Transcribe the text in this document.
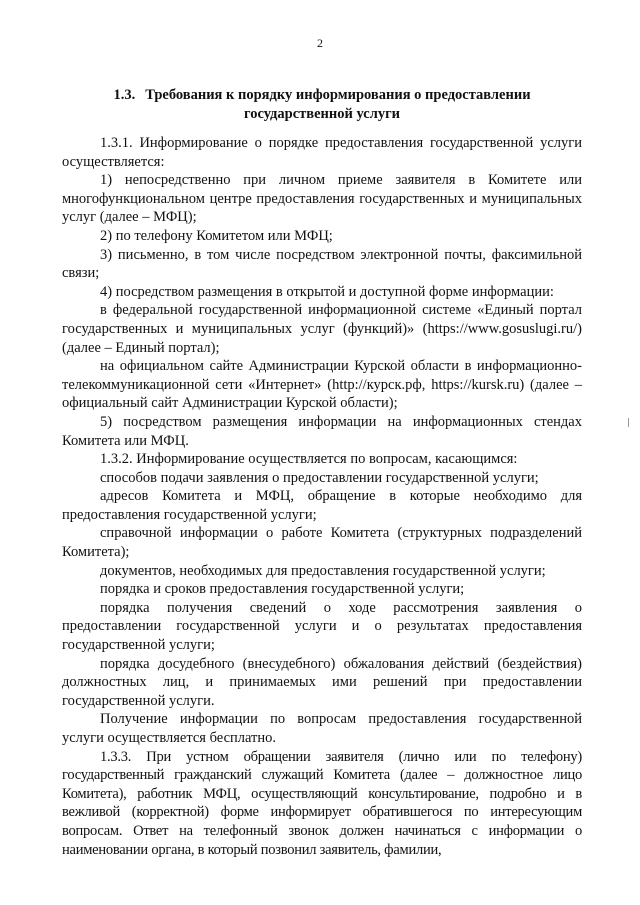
2
1.3. Требования к порядку информирования о предоставлении государственной услуги

1.3.1. Информирование о порядке предоставления государственной услуги осуществляется:

1) непосредственно при личном приеме заявителя в Комитете или многофункциональном центре предоставления государственных и муниципальных услуг (далее – МФЦ);

2) по телефону Комитетом или МФЦ;

3) письменно, в том числе посредством электронной почты, факсимильной связи;

4) посредством размещения в открытой и доступной форме информации:

в федеральной государственной информационной системе «Единый портал государственных и муниципальных услуг (функций)» (https://www.gosuslugi.ru/) (далее – Единый портал);

на официальном сайте Администрации Курской области в информационно-телекоммуникационной сети «Интернет» (http://курск.рф, https://kursk.ru) (далее – официальный сайт Администрации Курской области);

5) посредством размещения информации на информационных стендах Комитета или МФЦ.

1.3.2. Информирование осуществляется по вопросам, касающимся:

способов подачи заявления о предоставлении государственной услуги;

адресов Комитета и МФЦ, обращение в которые необходимо для предоставления государственной услуги;

справочной информации о работе Комитета (структурных подразделений Комитета);

документов, необходимых для предоставления государственной услуги;

порядка и сроков предоставления государственной услуги;

порядка получения сведений о ходе рассмотрения заявления о предоставлении государственной услуги и о результатах предоставления государственной услуги;

порядка досудебного (внесудебного) обжалования действий (бездействия) должностных лиц, и принимаемых ими решений при предоставлении государственной услуги.

Получение информации по вопросам предоставления государственной услуги осуществляется бесплатно.

1.3.3. При устном обращении заявителя (лично или по телефону) государственный гражданский служащий Комитета (далее – должностное лицо Комитета), работник МФЦ, осуществляющий консультирование, подробно и в вежливой (корректной) форме информирует обратившегося по интересующим вопросам. Ответ на телефонный звонок должен начинаться с информации о наименовании органа, в который позвонил заявитель, фамилии,
